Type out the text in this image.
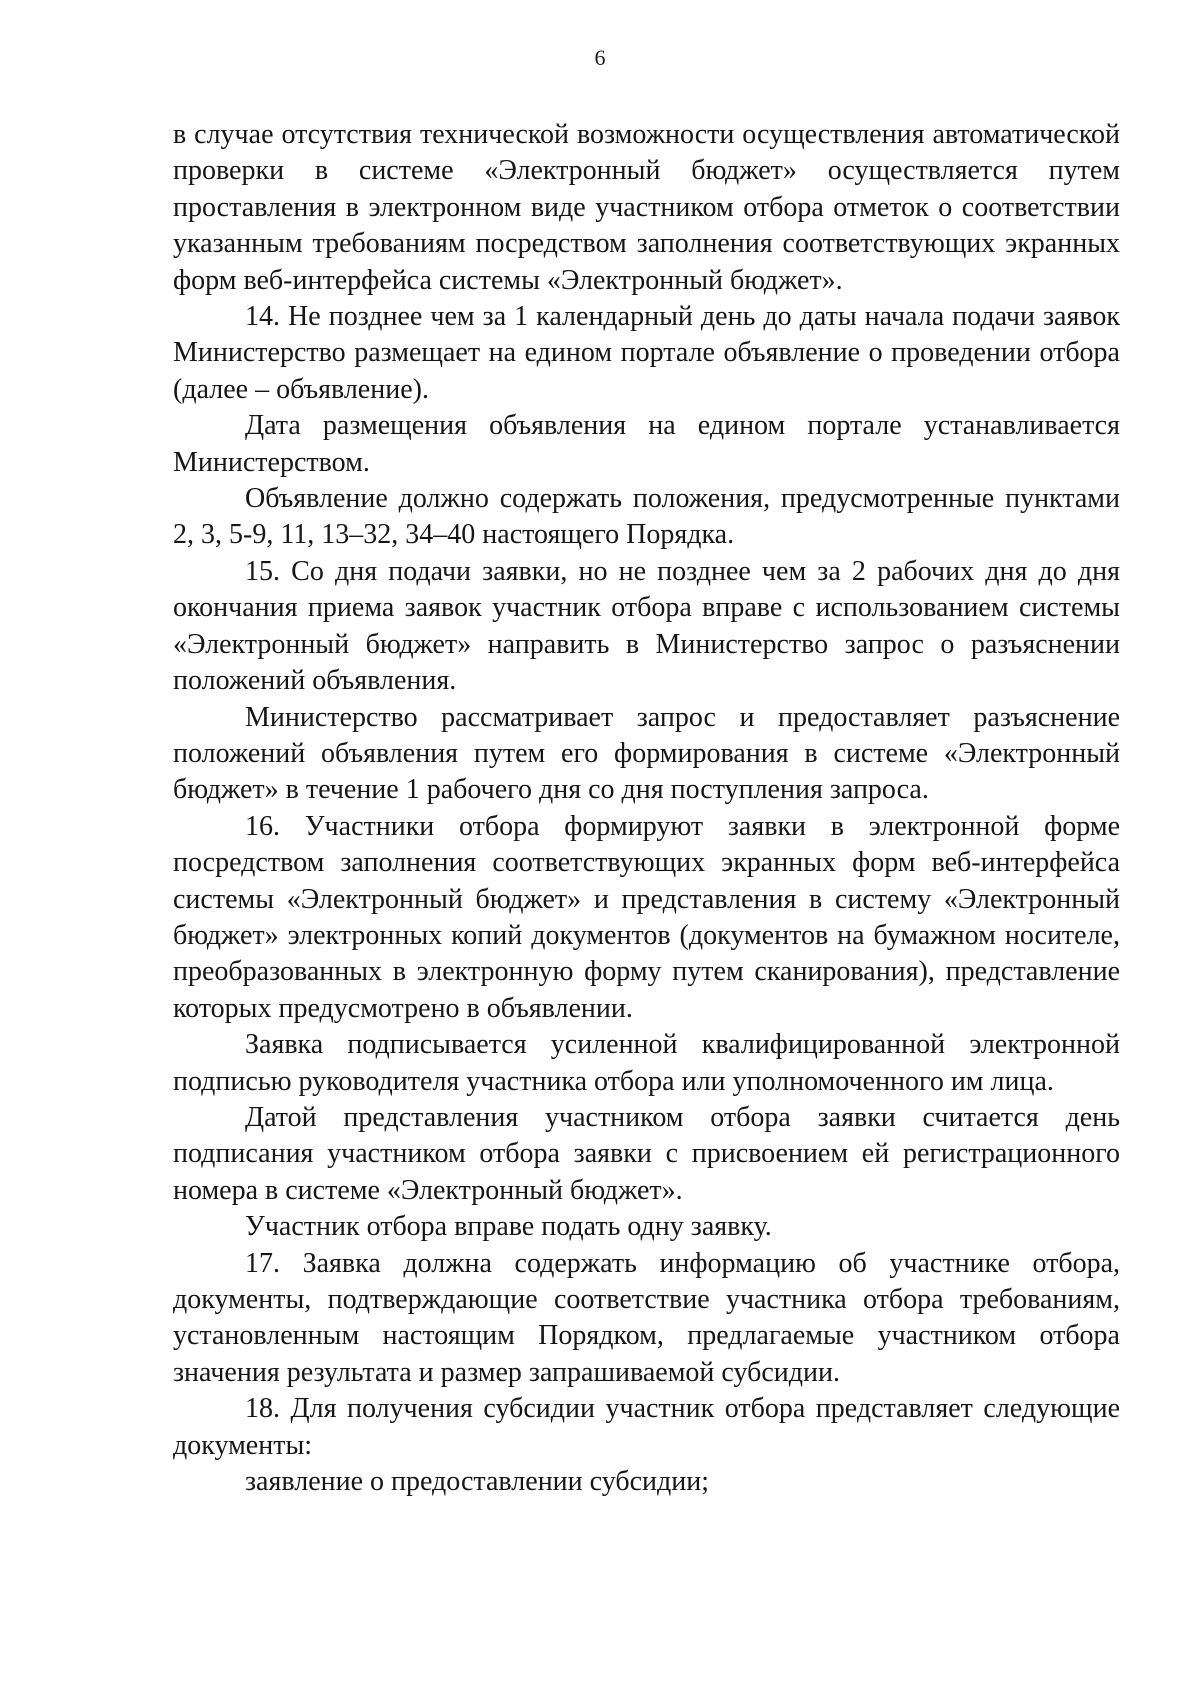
6

в случае отсутствия технической возможности осуществления автоматической проверки в системе «Электронный бюджет» осуществляется путем проставления в электронном виде участником отбора отметок о соответствии указанным требованиям посредством заполнения соответствующих экранных форм веб-интерфейса системы «Электронный бюджет».

14. Не позднее чем за 1 календарный день до даты начала подачи заявок Министерство размещает на едином портале объявление о проведении отбора (далее – объявление).

Дата размещения объявления на едином портале устанавливается Министерством.

Объявление должно содержать положения, предусмотренные пунктами 2, 3, 5-9, 11, 13–32, 34–40 настоящего Порядка.

15. Со дня подачи заявки, но не позднее чем за 2 рабочих дня до дня окончания приема заявок участник отбора вправе с использованием системы «Электронный бюджет» направить в Министерство запрос о разъяснении положений объявления.

Министерство рассматривает запрос и предоставляет разъяснение положений объявления путем его формирования в системе «Электронный бюджет» в течение 1 рабочего дня со дня поступления запроса.

16. Участники отбора формируют заявки в электронной форме посредством заполнения соответствующих экранных форм веб-интерфейса системы «Электронный бюджет» и представления в систему «Электронный бюджет» электронных копий документов (документов на бумажном носителе, преобразованных в электронную форму путем сканирования), представление которых предусмотрено в объявлении.

Заявка подписывается усиленной квалифицированной электронной подписью руководителя участника отбора или уполномоченного им лица.

Датой представления участником отбора заявки считается день подписания участником отбора заявки с присвоением ей регистрационного номера в системе «Электронный бюджет».

Участник отбора вправе подать одну заявку.

17. Заявка должна содержать информацию об участнике отбора, документы, подтверждающие соответствие участника отбора требованиям, установленным настоящим Порядком, предлагаемые участником отбора значения результата и размер запрашиваемой субсидии.

18. Для получения субсидии участник отбора представляет следующие документы:

заявление о предоставлении субсидии;
